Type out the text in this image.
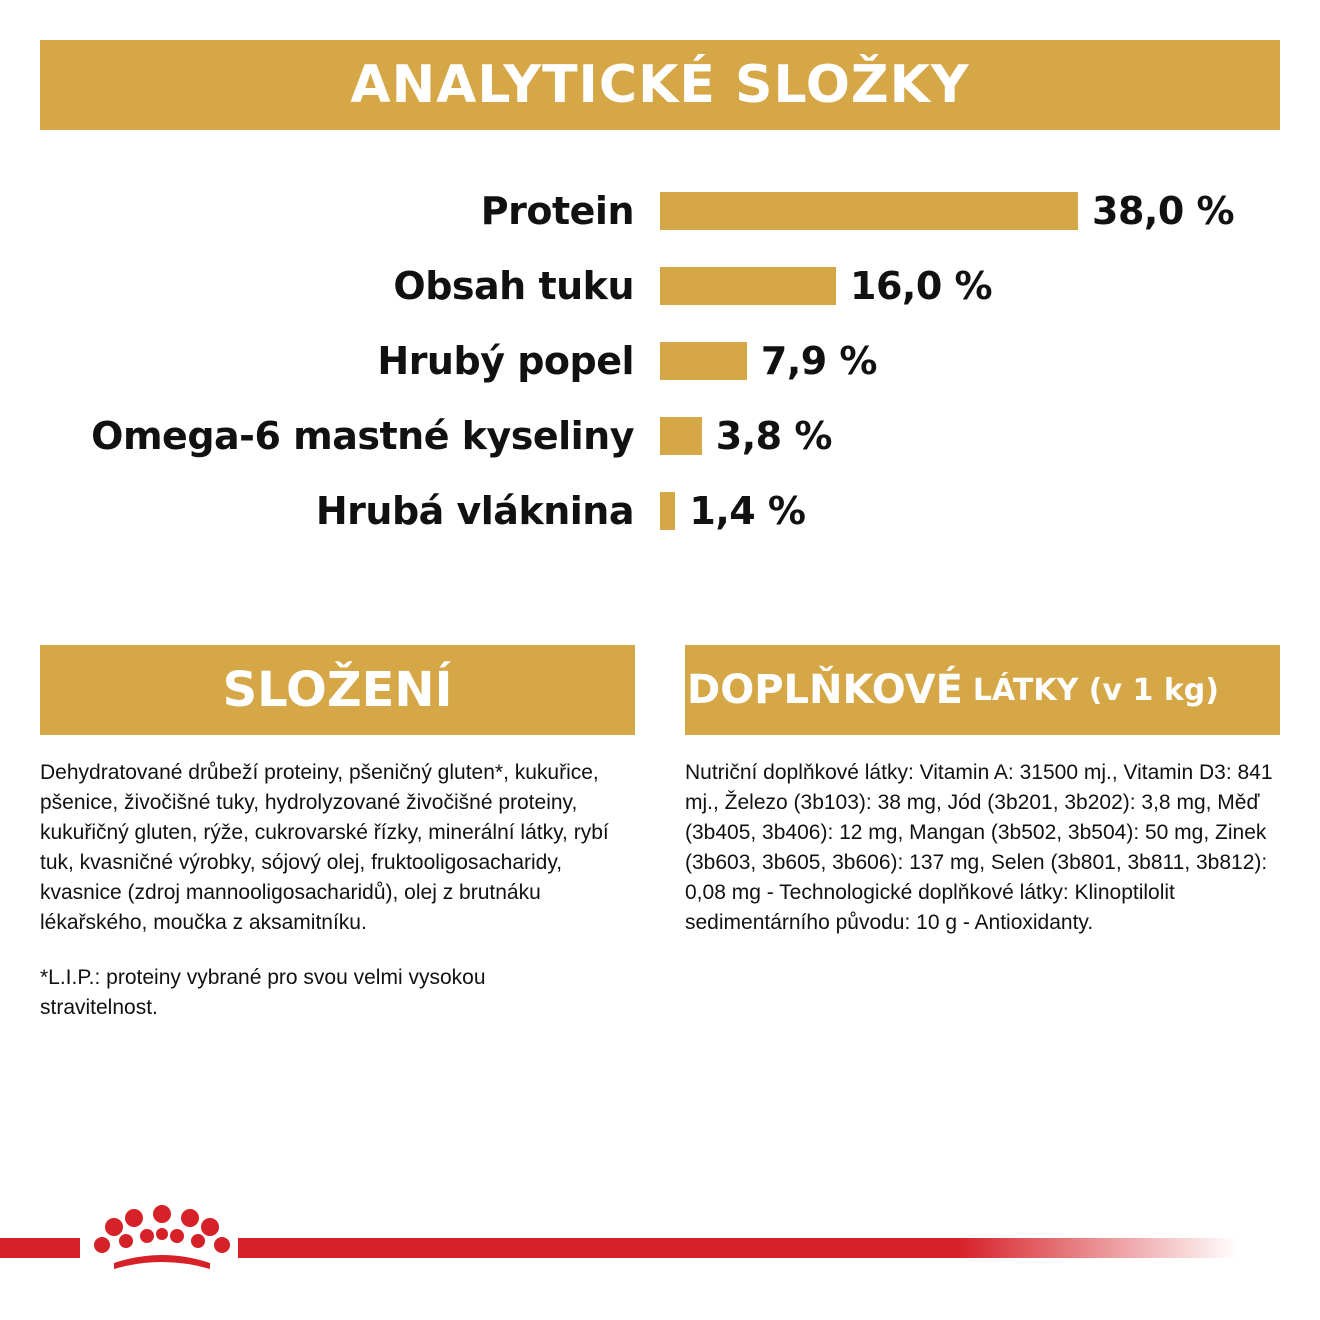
ANALYTICKÉ SLOŽKY
Protein	38,0 %
Obsah tuku	16,0 %
Hrubý popel	7,9 %
Omega-6 mastné kyseliny 3,8 %
Hrubá vláknina 1,4 %
SLOŽENÍ	DOPLŇKOVÉ LÁTKY (v 1 kg)
Dehydratované drůbeží proteiny, pšeničný gluten*, kukuřice, pšenice, živočišné tuky, hydrolyzované živočišné proteiny, kukuřičný gluten, rýže, cukrovarské řízky, minerální látky, rybí tuk, kvasničné výrobky, sójový olej, fruktooligosacharidy, kvasnice (zdroj mannooligosacharidů), olej z brutnáku lékařského, moučka z aksamitníku.
*L.I.P.: proteiny vybrané pro svou velmi vysokou stravitelnost.
Nutriční doplňkové látky: Vitamin A: 31500 mj., Vitamin D3: 841 mj., Železo (3b103): 38 mg, Jód (3b201, 3b202): 3,8 mg, Měď (3b405, 3b406): 12 mg, Mangan (3b502, 3b504): 50 mg, Zinek (3b603, 3b605, 3b606): 137 mg, Selen (3b801, 3b811, 3b812): 0,08 mg - Technologické doplňkové látky: Klinoptilolit sedimentárního původu: 10 g - Antioxidanty.
